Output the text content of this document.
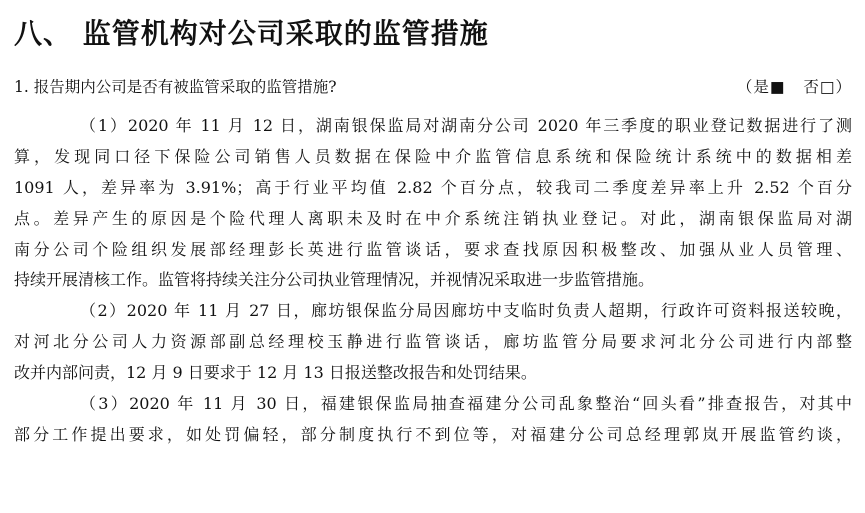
八、 监管机构对公司采取的监管措施
1. 报告期内公司是否有被监管采取的监管措施?	（是■ 否□）
（1）2020 年 11 月 12 日，湖南银保监局对湖南分公司 2020 年三季度的职业登记数据进行了测
算，发现同口径下保险公司销售人员数据在保险中介监管信息系统和保险统计系统中的数据相差
1091 人，差异率为 3.91%；高于行业平均值 2.82 个百分点，较我司二季度差异率上升 2.52 个百分
点。差异产生的原因是个险代理人离职未及时在中介系统注销执业登记。对此，湖南银保监局对湖
南分公司个险组织发展部经理彭长英进行监管谈话，要求查找原因积极整改、加强从业人员管理、
持续开展清核工作。监管将持续关注分公司执业管理情况，并视情况采取进一步监管措施。
（2）2020 年 11 月 27 日，廊坊银保监分局因廊坊中支临时负责人超期，行政许可资料报送较晚，
对河北分公司人力资源部副总经理校玉静进行监管谈话，廊坊监管分局要求河北分公司进行内部整
改并内部问责，12 月 9 日要求于 12 月 13 日报送整改报告和处罚结果。
（3）2020 年 11 月 30 日，福建银保监局抽查福建分公司乱象整治“回头看”排查报告，对其中
部分工作提出要求，如处罚偏轻，部分制度执行不到位等，对福建分公司总经理郭岚开展监管约谈，
